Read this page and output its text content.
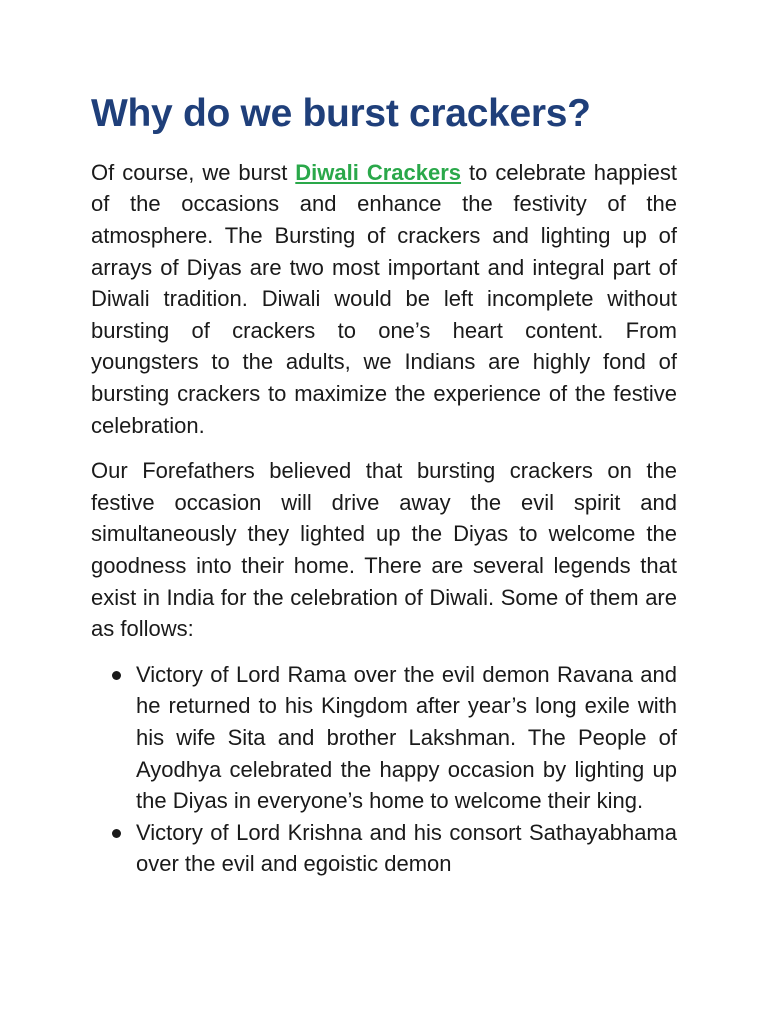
Why do we burst crackers?

Of course, we burst Diwali Crackers to celebrate happiest of the occasions and enhance the festivity of the atmosphere. The Bursting of crackers and lighting up of arrays of Diyas are two most important and integral part of Diwali tradition. Diwali would be left incomplete without bursting of crackers to one’s heart content. From youngsters to the adults, we Indians are highly fond of bursting crackers to maximize the experience of the festive celebration.

Our Forefathers believed that bursting crackers on the festive occasion will drive away the evil spirit and simultaneously they lighted up the Diyas to welcome the goodness into their home. There are several legends that exist in India for the celebration of Diwali. Some of them are as follows:

Victory of Lord Rama over the evil demon Ravana and he returned to his Kingdom after year’s long exile with his wife Sita and brother Lakshman. The People of Ayodhya celebrated the happy occasion by lighting up the Diyas in everyone’s home to welcome their king.
Victory of Lord Krishna and his consort Sathayabhama over the evil and egoistic demon
